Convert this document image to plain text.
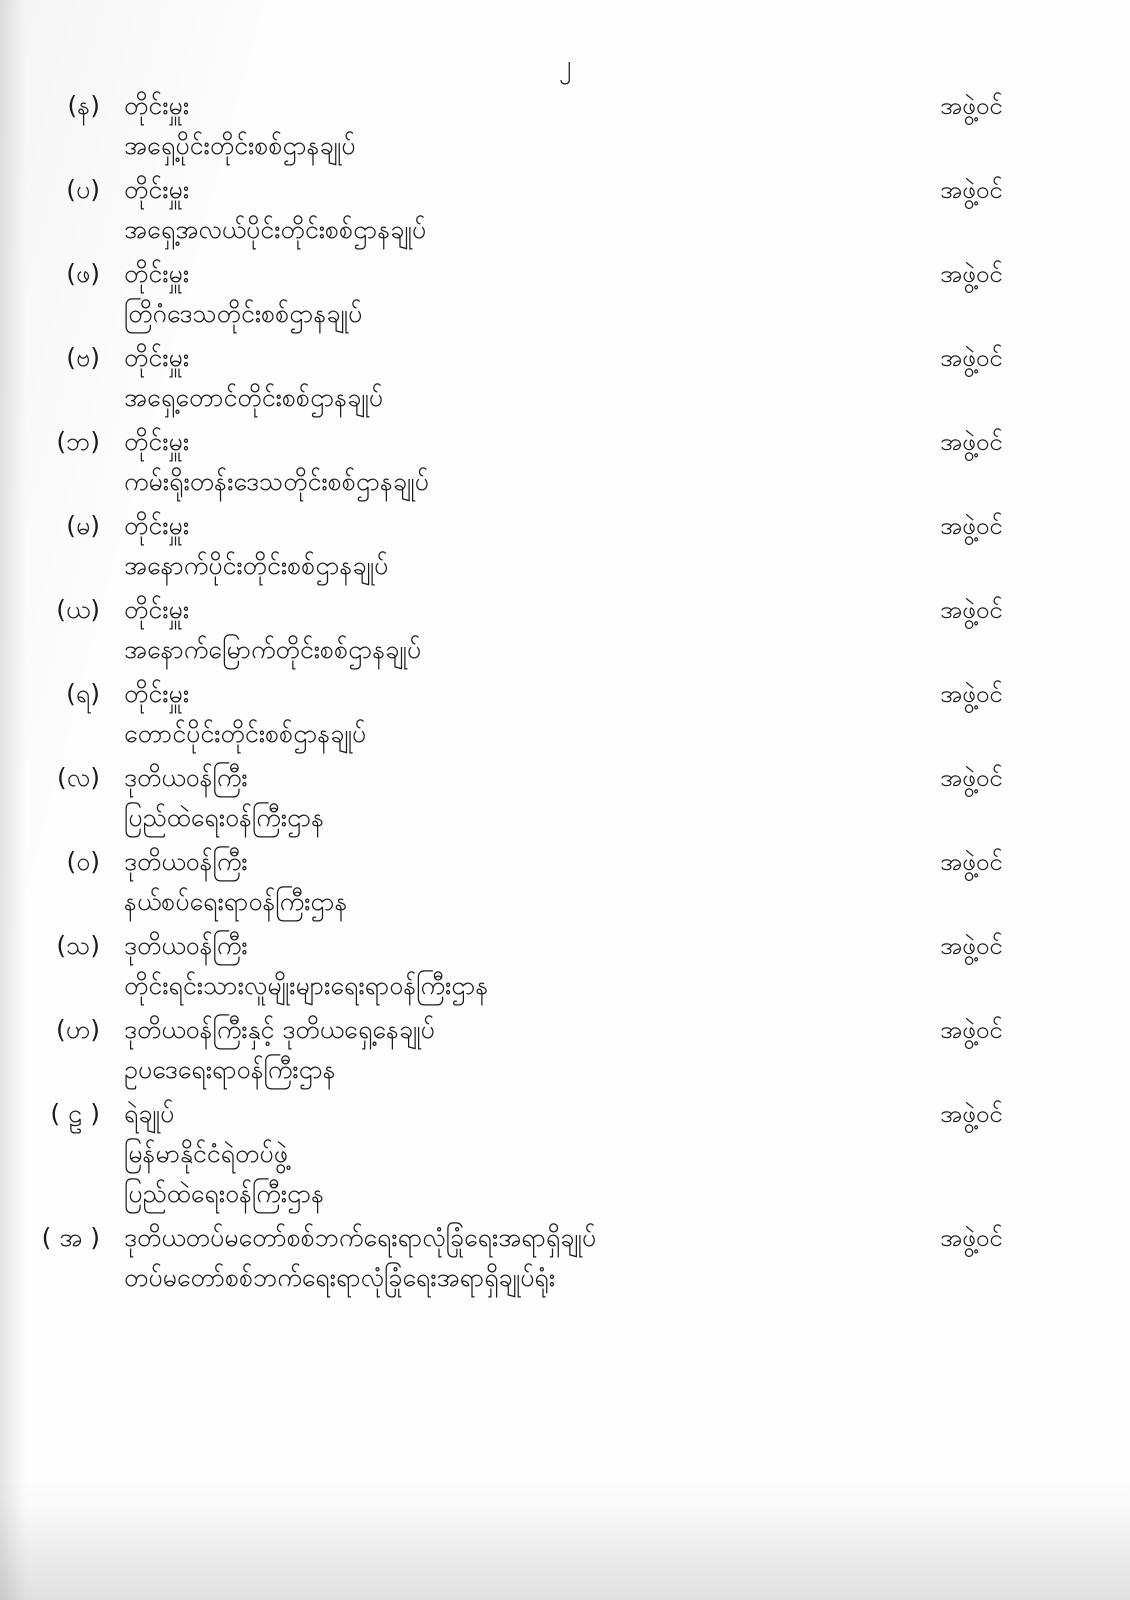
၂
(န) တိုင်းမှူး
အရှေ့ပိုင်းတိုင်းစစ်ဌာနချုပ်
အဖွဲ့ဝင်
(ပ) တိုင်းမှူး
အရှေ့အလယ်ပိုင်းတိုင်းစစ်ဌာနချုပ်
အဖွဲ့ဝင်
(ဖ) တိုင်းမှူး
တြိဂံဒေသတိုင်းစစ်ဌာနချုပ်
အဖွဲ့ဝင်
(ဗ) တိုင်းမှူး
အရှေ့တောင်တိုင်းစစ်ဌာနချုပ်
အဖွဲ့ဝင်
(ဘ) တိုင်းမှူး
ကမ်းရိုးတန်းဒေသတိုင်းစစ်ဌာနချုပ်
အဖွဲ့ဝင်
(မ) တိုင်းမှူး
အနောက်ပိုင်းတိုင်းစစ်ဌာနချုပ်
အဖွဲ့ဝင်
(ယ) တိုင်းမှူး
အနောက်မြောက်တိုင်းစစ်ဌာနချုပ်
အဖွဲ့ဝင်
(ရ) တိုင်းမှူး
တောင်ပိုင်းတိုင်းစစ်ဌာနချုပ်
အဖွဲ့ဝင်
(လ) ဒုတိယဝန်ကြီး
ပြည်ထဲရေးဝန်ကြီးဌာန
အဖွဲ့ဝင်
(ဝ) ဒုတိယဝန်ကြီး
နယ်စပ်ရေးရာဝန်ကြီးဌာန
အဖွဲ့ဝင်
(သ) ဒုတိယဝန်ကြီး
တိုင်းရင်းသားလူမျိုးများရေးရာဝန်ကြီးဌာန
အဖွဲ့ဝင်
(ဟ) ဒုတိယဝန်ကြီးနှင့် ဒုတိယရှေ့နေချုပ်
ဥပဒေရေးရာဝန်ကြီးဌာန
အဖွဲ့ဝင်
( ဠ ) ရဲချုပ်
မြန်မာနိုင်ငံရဲတပ်ဖွဲ့
ပြည်ထဲရေးဝန်ကြီးဌာန
အဖွဲ့ဝင်
( အ ) ဒုတိယတပ်မတော်စစ်ဘက်ရေးရာလုံခြုံရေးအရာရှိချုပ်
တပ်မတော်စစ်ဘက်ရေးရာလုံခြုံရေးအရာရှိချုပ်ရုံး
အဖွဲ့ဝင်
